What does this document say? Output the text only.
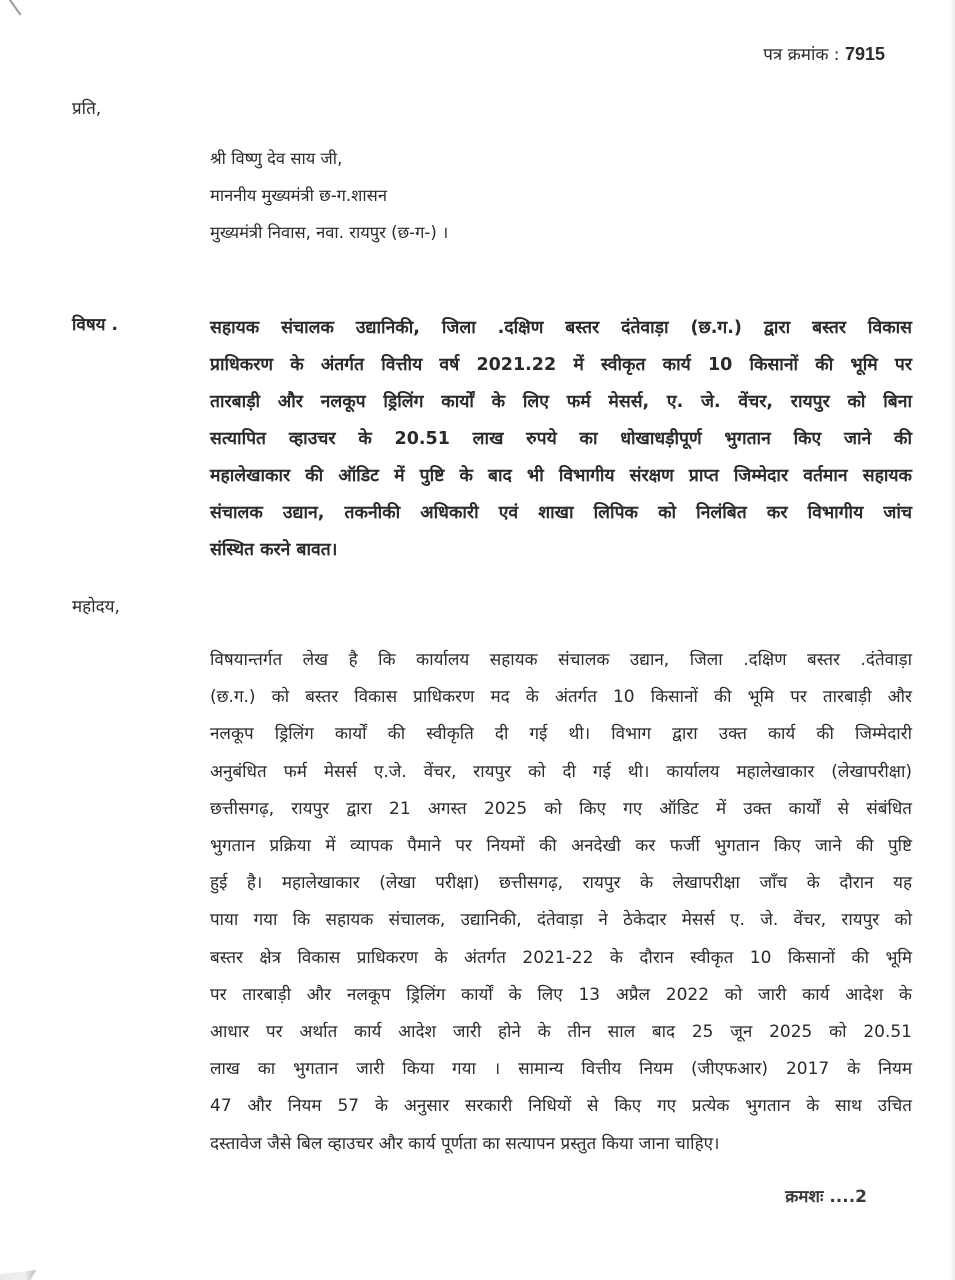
पत्र क्रमांक : 7915
प्रति,
श्री विष्णु देव साय जी,
माननीय मुख्यमंत्री छ-ग.शासन
मुख्यमंत्री निवास, नवा. रायपुर (छ-ग-) ।
विषय .	सहायक संचालक उद्यानिकी, जिला .दक्षिण बस्तर दंतेवाड़ा (छ.ग.) द्वारा बस्तर विकास
प्राधिकरण के अंतर्गत वित्तीय वर्ष 2021.22 में स्वीकृत कार्य 10 किसानों की भूमि पर
तारबाड़ी और नलकूप ड्रिलिंग कार्यों के लिए फर्म मेसर्स, ए. जे. वेंचर, रायपुर को बिना
सत्यापित व्हाउचर के 20.51 लाख रुपये का धोखाधड़ीपूर्ण भुगतान किए जाने की
महालेखाकार की ऑडिट में पुष्टि के बाद भी विभागीय संरक्षण प्राप्त जिम्मेदार वर्तमान सहायक
संचालक उद्यान, तकनीकी अधिकारी एवं शाखा लिपिक को निलंबित कर विभागीय जांच
संस्थित करने बावत।
महोदय,
विषयान्तर्गत लेख है कि कार्यालय सहायक संचालक उद्यान, जिला .दक्षिण बस्तर .दंतेवाड़ा
(छ.ग.) को बस्तर विकास प्राधिकरण मद के अंतर्गत 10 किसानों की भूमि पर तारबाड़ी और
नलकूप ड्रिलिंग कार्यों की स्वीकृति दी गई थी। विभाग द्वारा उक्त कार्य की जिम्मेदारी
अनुबंधित फर्म मेसर्स ए.जे. वेंचर, रायपुर को दी गई थी। कार्यालय महालेखाकार (लेखापरीक्षा)
छत्तीसगढ़, रायपुर द्वारा 21 अगस्त 2025 को किए गए ऑडिट में उक्त कार्यों से संबंधित
भुगतान प्रक्रिया में व्यापक पैमाने पर नियमों की अनदेखी कर फर्जी भुगतान किए जाने की पुष्टि
हुई है। महालेखाकार (लेखा परीक्षा) छत्तीसगढ़, रायपुर के लेखापरीक्षा जाँच के दौरान यह
पाया गया कि सहायक संचालक, उद्यानिकी, दंतेवाड़ा ने ठेकेदार मेसर्स ए. जे. वेंचर, रायपुर को
बस्तर क्षेत्र विकास प्राधिकरण के अंतर्गत 2021-22 के दौरान स्वीकृत 10 किसानों की भूमि
पर तारबाड़ी और नलकूप ड्रिलिंग कार्यों के लिए 13 अप्रैल 2022 को जारी कार्य आदेश के
आधार पर अर्थात कार्य आदेश जारी होने के तीन साल बाद 25 जून 2025 को 20.51
लाख का भुगतान जारी किया गया । सामान्य वित्तीय नियम (जीएफआर) 2017 के नियम
47 और नियम 57 के अनुसार सरकारी निधियों से किए गए प्रत्येक भुगतान के साथ उचित
दस्तावेज जैसे बिल व्हाउचर और कार्य पूर्णता का सत्यापन प्रस्तुत किया जाना चाहिए।
क्रमशः ....2
